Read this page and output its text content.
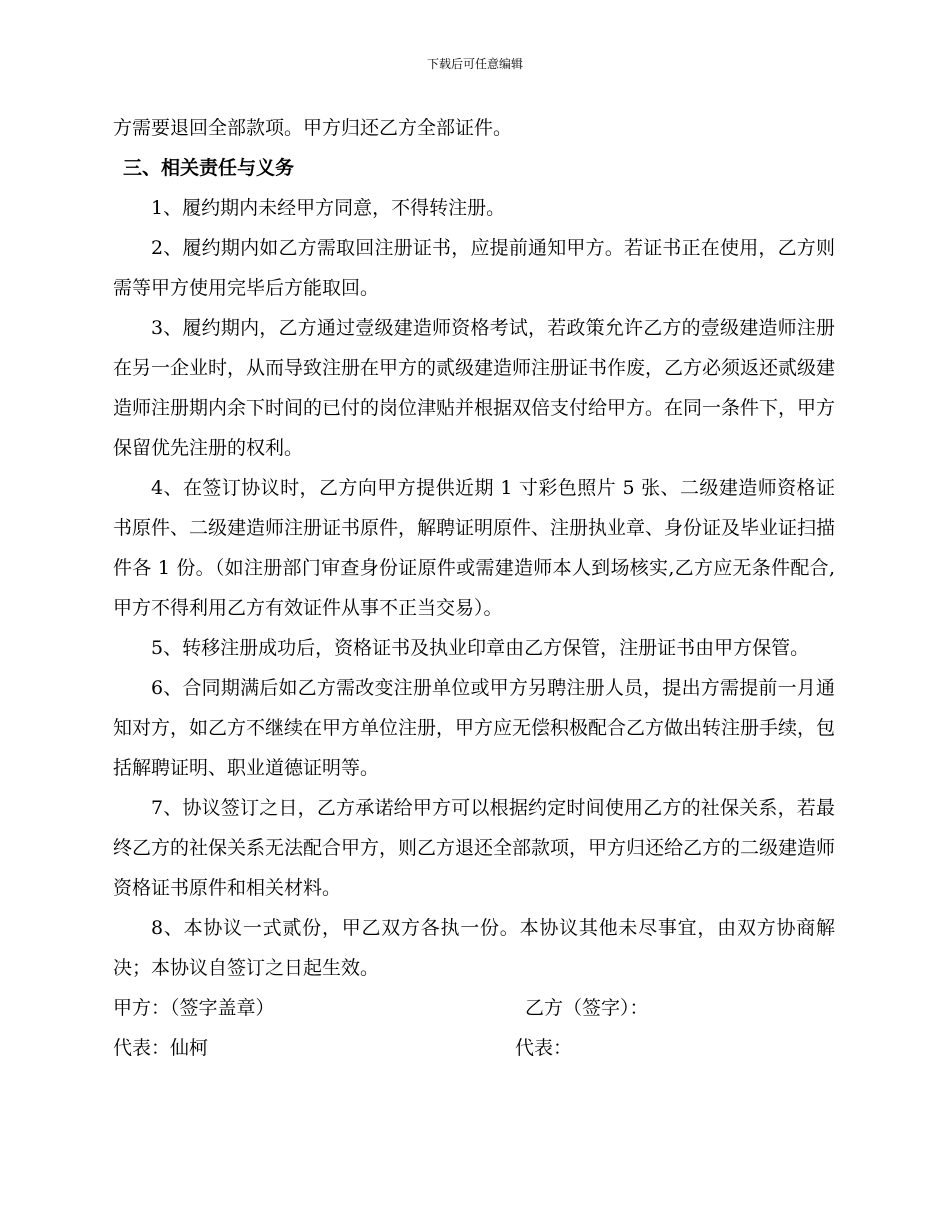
下载后可任意编辑

方需要退回全部款项。甲方归还乙方全部证件。

三、相关责任与义务

1、履约期内未经甲方同意，不得转注册。

2、履约期内如乙方需取回注册证书，应提前通知甲方。若证书正在使用，乙方则需等甲方使用完毕后方能取回。

3、履约期内，乙方通过壹级建造师资格考试，若政策允许乙方的壹级建造师注册在另一企业时，从而导致注册在甲方的贰级建造师注册证书作废，乙方必须返还贰级建造师注册期内余下时间的已付的岗位津贴并根据双倍支付给甲方。在同一条件下，甲方保留优先注册的权利。

4、在签订协议时，乙方向甲方提供近期 1 寸彩色照片 5 张、二级建造师资格证书原件、二级建造师注册证书原件，解聘证明原件、注册执业章、身份证及毕业证扫描件各 1 份。（如注册部门审查身份证原件或需建造师本人到场核实,乙方应无条件配合,甲方不得利用乙方有效证件从事不正当交易）。

5、转移注册成功后，资格证书及执业印章由乙方保管，注册证书由甲方保管。

6、合同期满后如乙方需改变注册单位或甲方另聘注册人员，提出方需提前一月通知对方，如乙方不继续在甲方单位注册，甲方应无偿积极配合乙方做出转注册手续，包括解聘证明、职业道德证明等。

7、协议签订之日，乙方承诺给甲方可以根据约定时间使用乙方的社保关系，若最终乙方的社保关系无法配合甲方，则乙方退还全部款项，甲方归还给乙方的二级建造师资格证书原件和相关材料。

8、本协议一式贰份，甲乙双方各执一份。本协议其他未尽事宜，由双方协商解决；本协议自签订之日起生效。

甲方：（签字盖章）	乙方（签字）：
代表：仙柯	代表：
